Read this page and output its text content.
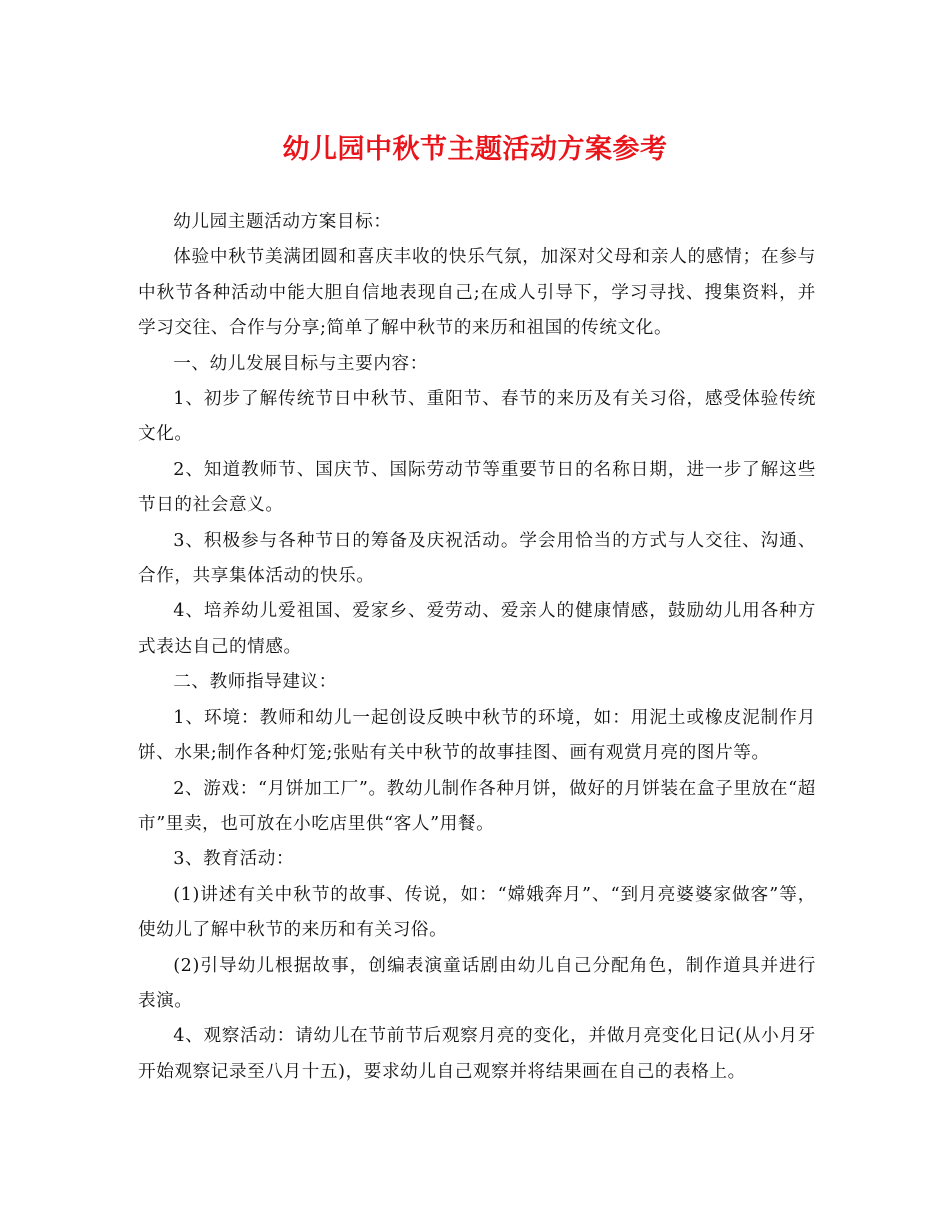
幼儿园中秋节主题活动方案参考

幼儿园主题活动方案目标：

体验中秋节美满团圆和喜庆丰收的快乐气氛，加深对父母和亲人的感情；在参与中秋节各种活动中能大胆自信地表现自己;在成人引导下，学习寻找、搜集资料，并学习交往、合作与分享;简单了解中秋节的来历和祖国的传统文化。

一、幼儿发展目标与主要内容：

1、初步了解传统节日中秋节、重阳节、春节的来历及有关习俗，感受体验传统文化。

2、知道教师节、国庆节、国际劳动节等重要节日的名称日期，进一步了解这些节日的社会意义。

3、积极参与各种节日的筹备及庆祝活动。学会用恰当的方式与人交往、沟通、合作，共享集体活动的快乐。

4、培养幼儿爱祖国、爱家乡、爱劳动、爱亲人的健康情感，鼓励幼儿用各种方式表达自己的情感。

二、教师指导建议：

1、环境：教师和幼儿一起创设反映中秋节的环境，如：用泥土或橡皮泥制作月饼、水果;制作各种灯笼;张贴有关中秋节的故事挂图、画有观赏月亮的图片等。

2、游戏：“月饼加工厂”。教幼儿制作各种月饼，做好的月饼装在盒子里放在“超市”里卖，也可放在小吃店里供“客人”用餐。

3、教育活动：

(1)讲述有关中秋节的故事、传说，如：“嫦娥奔月”、“到月亮婆婆家做客”等，使幼儿了解中秋节的来历和有关习俗。

(2)引导幼儿根据故事，创编表演童话剧由幼儿自己分配角色，制作道具并进行表演。

4、观察活动：请幼儿在节前节后观察月亮的变化，并做月亮变化日记(从小月牙开始观察记录至八月十五)，要求幼儿自己观察并将结果画在自己的表格上。
